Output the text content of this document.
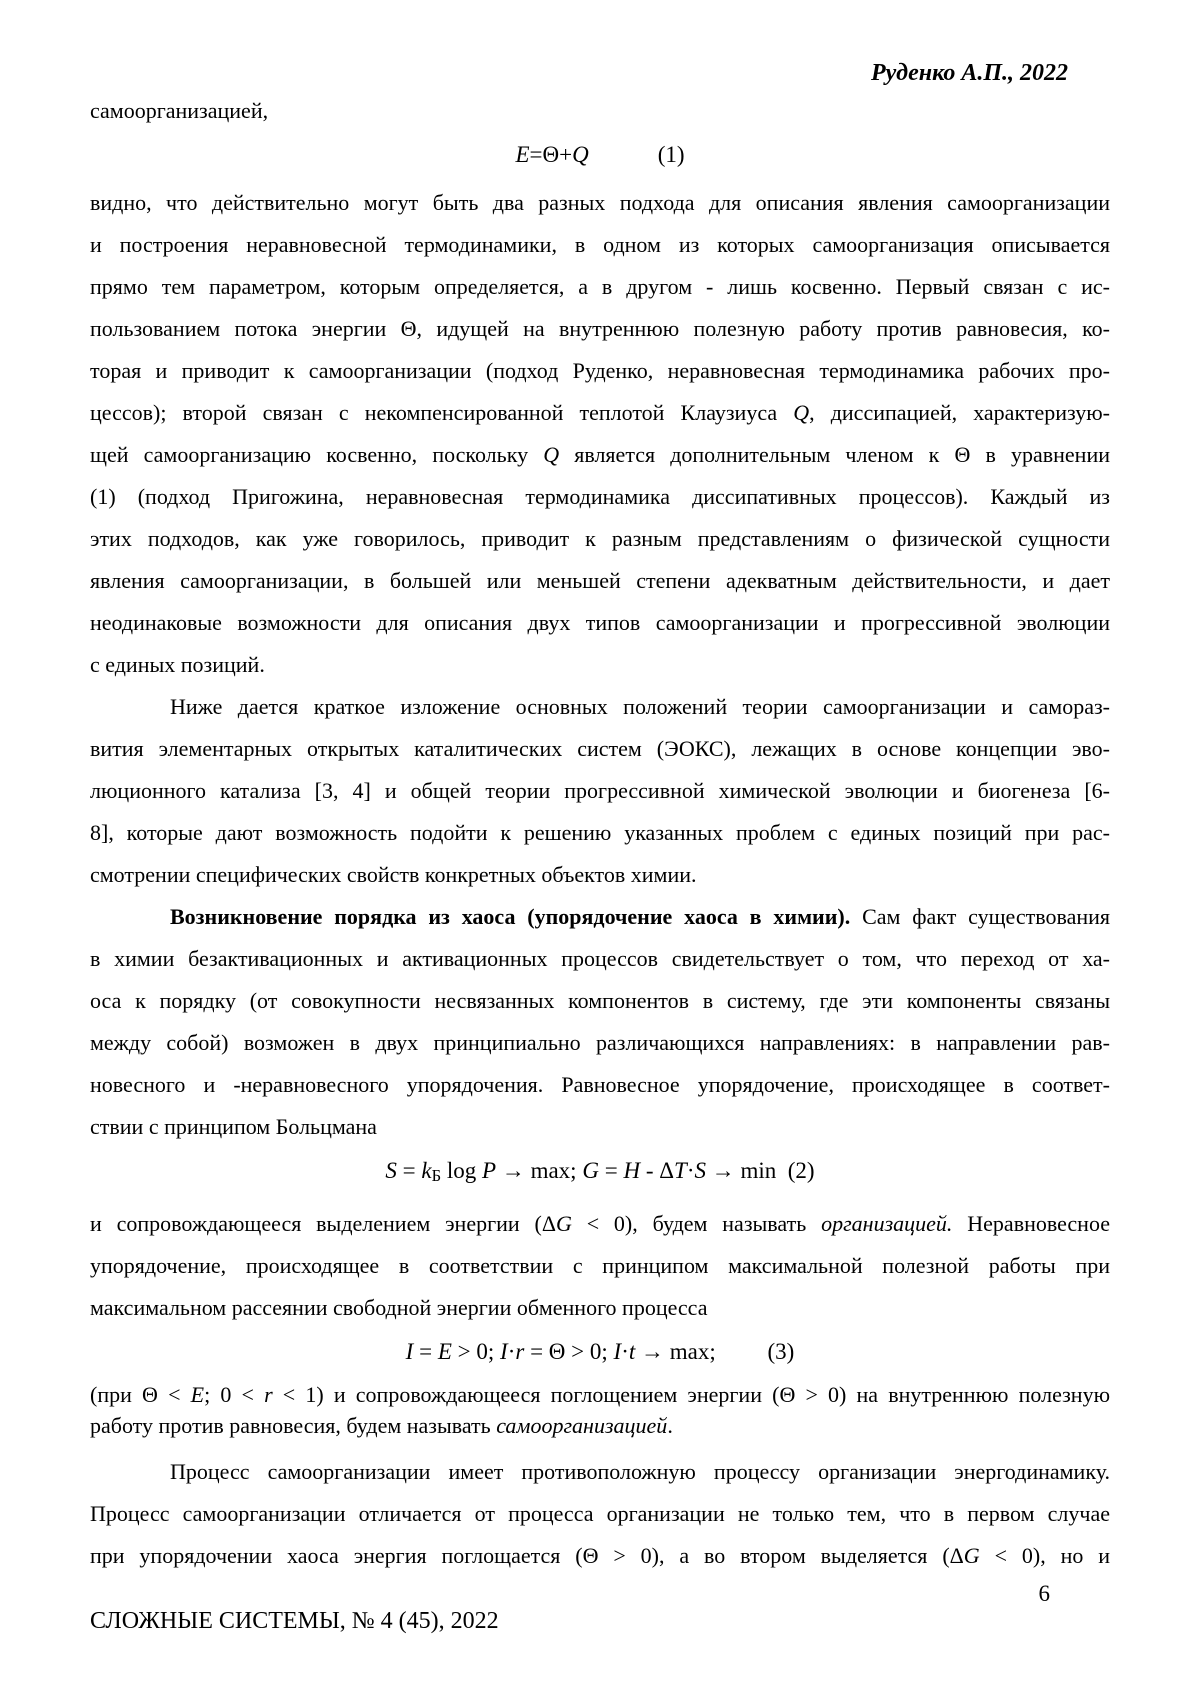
Руденко А.П., 2022
самоорганизацией,
E=Θ+Q	(1)
видно, что действительно могут быть два разных подхода для описания явления самоорганизации
и построения неравновесной термодинамики, в одном из которых самоорганизация описывается
прямо тем параметром, которым определяется, а в другом - лишь косвенно. Первый связан с ис-
пользованием потока энергии Θ, идущей на внутреннюю полезную работу против равновесия, ко-
торая и приводит к самоорганизации (подход Руденко, неравновесная термодинамика рабочих про-
цессов); второй связан с некомпенсированной теплотой Клаузиуса Q, диссипацией, характеризую-
щей самоорганизацию косвенно, поскольку Q является дополнительным членом к Θ в уравнении
(1) (подход Пригожина, неравновесная термодинамика диссипативных процессов). Каждый из
этих подходов, как уже говорилось, приводит к разным представлениям о физической сущности
явления самоорганизации, в большей или меньшей степени адекватным действительности, и дает
неодинаковые возможности для описания двух типов самоорганизации и прогрессивной эволюции
с единых позиций.
Ниже дается краткое изложение основных положений теории самоорганизации и самораз-
вития элементарных открытых каталитических систем (ЭОКС), лежащих в основе концепции эво-
люционного катализа [3, 4] и общей теории прогрессивной химической эволюции и биогенеза [6-
8], которые дают возможность подойти к решению указанных проблем с единых позиций при рас-
смотрении специфических свойств конкретных объектов химии.
Возникновение порядка из хаоса (упорядочение хаоса в химии). Сам факт существования
в химии безактивационных и активационных процессов свидетельствует о том, что переход от ха-
оса к порядку (от совокупности несвязанных компонентов в систему, где эти компоненты связаны
между собой) возможен в двух принципиально различающихся направлениях: в направлении рав-
новесного и -неравновесного упорядочения. Равновесное упорядочение, происходящее в соответ-
ствии с принципом Больцмана
S = kБ log P → max; G = H - ΔT·S → min  (2)
и сопровождающееся выделением энергии (ΔG < 0), будем называть организацией. Неравновесное
упорядочение, происходящее в соответствии с принципом максимальной полезной работы при
максимальном рассеянии свободной энергии обменного процесса
I = E > 0; I·r = Θ > 0; I·t → max;         (3)
(при Θ < E; 0 < r < 1) и сопровождающееся поглощением энергии (Θ > 0) на внутреннюю полезную
работу против равновесия, будем называть самоорганизацией.
Процесс самоорганизации имеет противоположную процессу организации энергодинамику.
Процесс самоорганизации отличается от процесса организации не только тем, что в первом случае
при упорядочении хаоса энергия поглощается (Θ > 0), а во втором выделяется (ΔG < 0), но и
6
СЛОЖНЫЕ СИСТЕМЫ, № 4 (45), 2022
